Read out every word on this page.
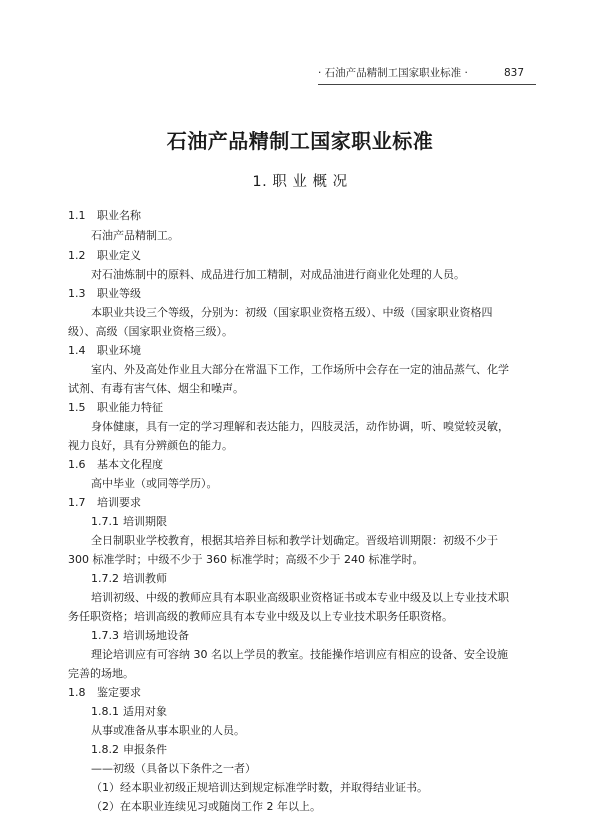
· 石油产品精制工国家职业标准 ·	837
石油产品精制工国家职业标准
1. 职 业 概 况
1.1 职业名称
石油产品精制工。
1.2 职业定义
对石油炼制中的原料、成品进行加工精制，对成品油进行商业化处理的人员。
1.3 职业等级
本职业共设三个等级，分别为：初级（国家职业资格五级）、中级（国家职业资格四
级）、高级（国家职业资格三级）。
1.4 职业环境
室内、外及高处作业且大部分在常温下工作，工作场所中会存在一定的油品蒸气、化学
试剂、有毒有害气体、烟尘和噪声。
1.5 职业能力特征
身体健康，具有一定的学习理解和表达能力，四肢灵活，动作协调，听、嗅觉较灵敏，
视力良好，具有分辨颜色的能力。
1.6 基本文化程度
高中毕业（或同等学历）。
1.7 培训要求
1.7.1 培训期限
全日制职业学校教育，根据其培养目标和教学计划确定。晋级培训期限：初级不少于
300 标准学时；中级不少于 360 标准学时；高级不少于 240 标准学时。
1.7.2 培训教师
培训初级、中级的教师应具有本职业高级职业资格证书或本专业中级及以上专业技术职
务任职资格；培训高级的教师应具有本专业中级及以上专业技术职务任职资格。
1.7.3 培训场地设备
理论培训应有可容纳 30 名以上学员的教室。技能操作培训应有相应的设备、安全设施
完善的场地。
1.8 鉴定要求
1.8.1 适用对象
从事或准备从事本职业的人员。
1.8.2 申报条件
——初级（具备以下条件之一者）
（1）经本职业初级正规培训达到规定标准学时数，并取得结业证书。
（2）在本职业连续见习或随岗工作 2 年以上。
